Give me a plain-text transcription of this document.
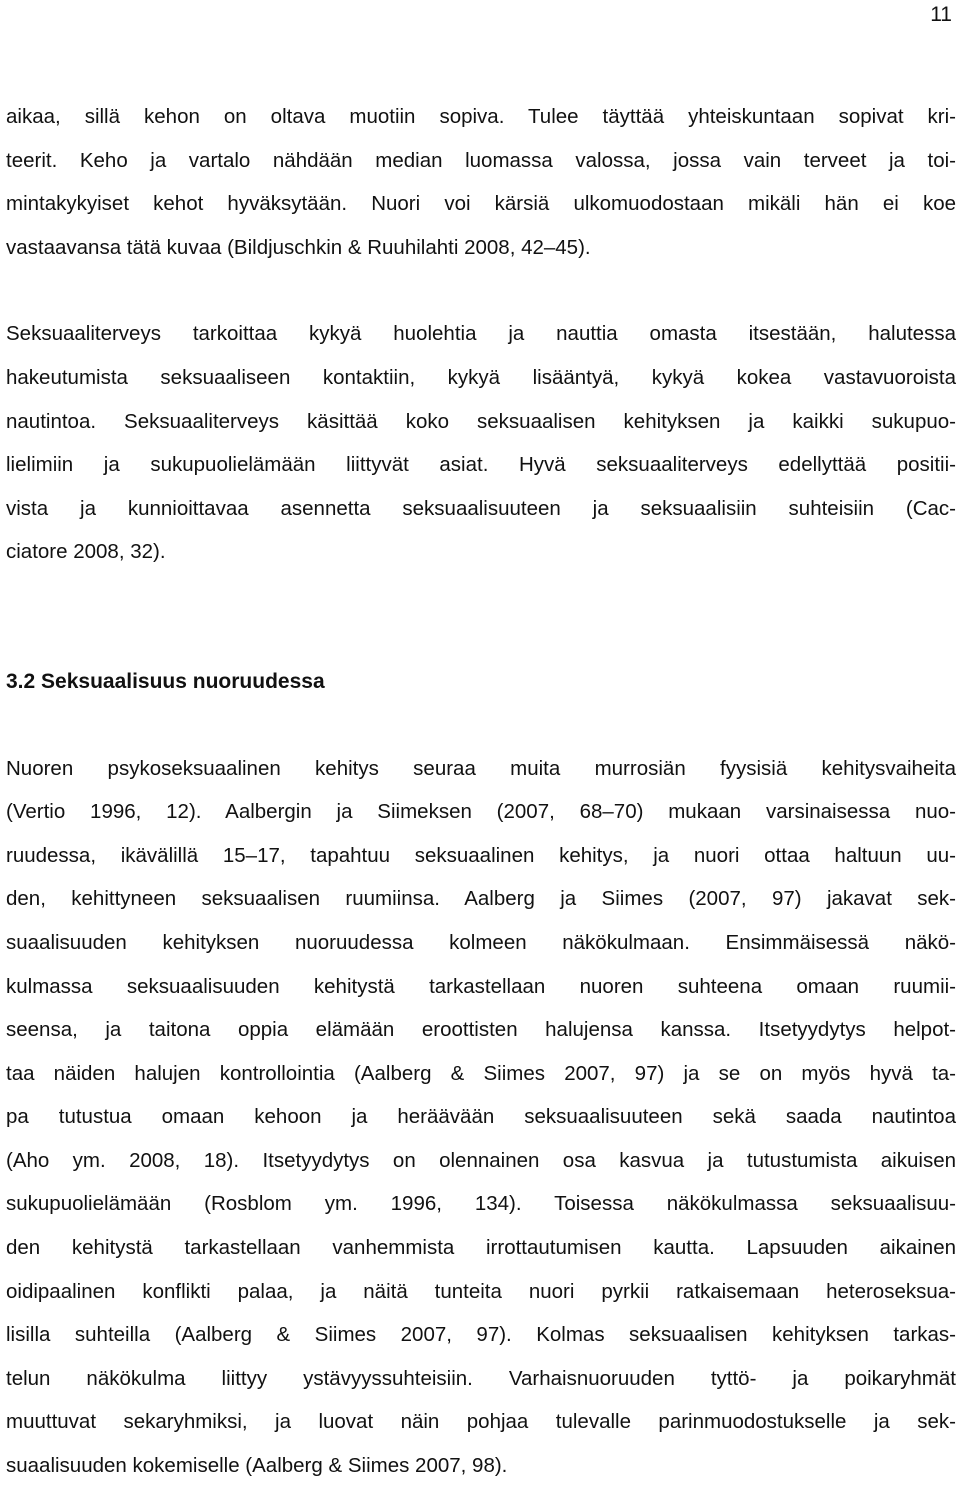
11

aikaa, sillä kehon on oltava muotiin sopiva. Tulee täyttää yhteiskuntaan sopivat kri-
teerit. Keho ja vartalo nähdään median luomassa valossa, jossa vain terveet ja toi-
mintakykyiset kehot hyväksytään. Nuori voi kärsiä ulkomuodostaan mikäli hän ei koe
vastaavansa tätä kuvaa (Bildjuschkin & Ruuhilahti 2008, 42–45).

Seksuaaliterveys tarkoittaa kykyä huolehtia ja nauttia omasta itsestään, halutessa
hakeutumista seksuaaliseen kontaktiin, kykyä lisääntyä, kykyä kokea vastavuoroista
nautintoa. Seksuaaliterveys käsittää koko seksuaalisen kehityksen ja kaikki sukupuo-
lielimiin ja sukupuolielämään liittyvät asiat. Hyvä seksuaaliterveys edellyttää positii-
vista ja kunnioittavaa asennetta seksuaalisuuteen ja seksuaalisiin suhteisiin (Cac-
ciatore 2008, 32).

3.2 Seksuaalisuus nuoruudessa

Nuoren psykoseksuaalinen kehitys seuraa muita murrosiän fyysisiä kehitysvaiheita
(Vertio 1996, 12). Aalbergin ja Siimeksen (2007, 68–70) mukaan varsinaisessa nuo-
ruudessa, ikävälillä 15–17, tapahtuu seksuaalinen kehitys, ja nuori ottaa haltuun uu-
den, kehittyneen seksuaalisen ruumiinsa. Aalberg ja Siimes (2007, 97) jakavat sek-
suaalisuuden kehityksen nuoruudessa kolmeen näkökulmaan. Ensimmäisessä näkö-
kulmassa seksuaalisuuden kehitystä tarkastellaan nuoren suhteena omaan ruumii-
seensa, ja taitona oppia elämään eroottisten halujensa kanssa. Itsetyydytys helpot-
taa näiden halujen kontrollointia (Aalberg & Siimes 2007, 97) ja se on myös hyvä ta-
pa tutustua omaan kehoon ja heräävään seksuaalisuuteen sekä saada nautintoa
(Aho ym. 2008, 18). Itsetyydytys on olennainen osa kasvua ja tutustumista aikuisen
sukupuolielämään (Rosblom ym. 1996, 134). Toisessa näkökulmassa seksuaalisuu-
den kehitystä tarkastellaan vanhemmista irrottautumisen kautta. Lapsuuden aikainen
oidipaalinen konflikti palaa, ja näitä tunteita nuori pyrkii ratkaisemaan heteroseksua-
lisilla suhteilla (Aalberg & Siimes 2007, 97). Kolmas seksuaalisen kehityksen tarkas-
telun näkökulma liittyy ystävyyssuhteisiin. Varhaisnuoruuden tyttö- ja poikaryhmät
muuttuvat sekaryhmiksi, ja luovat näin pohjaa tulevalle parinmuodostukselle ja sek-
suaalisuuden kokemiselle (Aalberg & Siimes 2007, 98).
